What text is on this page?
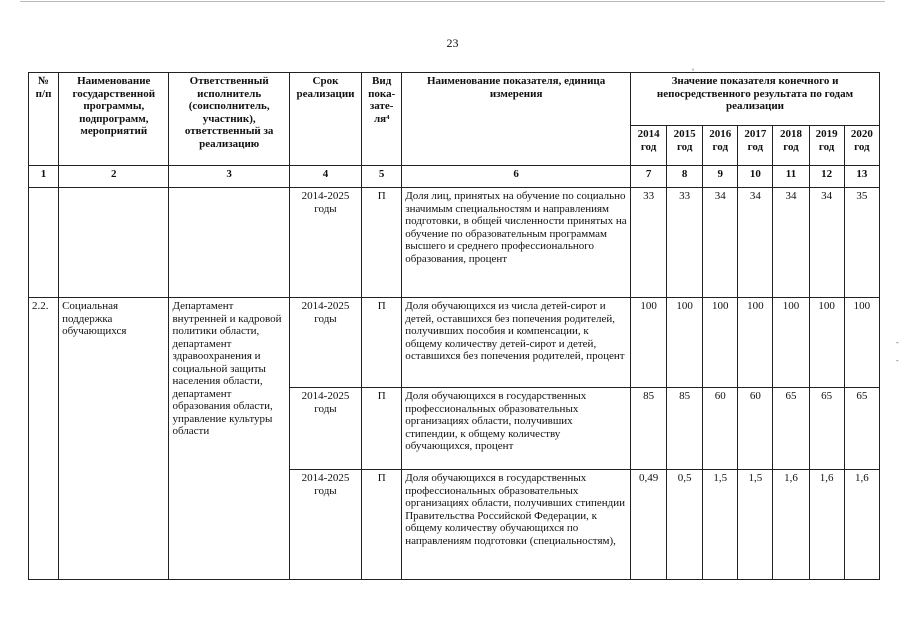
23
ₓ
-
-
№ п/п	Наименование государственной программы, подпрограмм, мероприятий	Ответственный исполнитель (соисполнитель, участник), ответственный за реализацию	Срок реализации	Вид пока-зате-ля⁴	Наименование показателя, единица измерения	Значение показателя конечного и непосредственного результата по годам реализации						
						2014 год	2015 год	2016 год	2017 год	2018 год	2019 год	2020 год
1	2	3	4	5	6	7	8	9	10	11	12	13
			2014-2025 годы	П	Доля лиц, принятых на обучение по социально значимым специальностям и направлениям подготовки, в общей численности принятых на обучение по образовательным программам высшего и среднего профессионального образования, процент	33	33	34	34	34	34	35
2.2.	Социальная поддержка обучающихся	Департамент внутренней и кадровой политики области, департамент здравоохранения и социальной защиты населения области, департамент образования области, управление культуры области	2014-2025 годы	П	Доля обучающихся из числа детей-сирот и детей, оставшихся без попечения родителей, получивших пособия и компенсации, к общему количеству детей-сирот и детей, оставшихся без попечения родителей, процент	100	100	100	100	100	100	100
			2014-2025 годы	П	Доля обучающихся в государственных профессиональных образовательных организациях области, получивших стипендии, к общему количеству обучающихся, процент	85	85	60	60	65	65	65
			2014-2025 годы	П	Доля обучающихся в государственных профессиональных образовательных организациях области, получивших стипендии Правительства Российской Федерации, к общему количеству обучающихся по направлениям подготовки (специальностям),	0,49	0,5	1,5	1,5	1,6	1,6	1,6
